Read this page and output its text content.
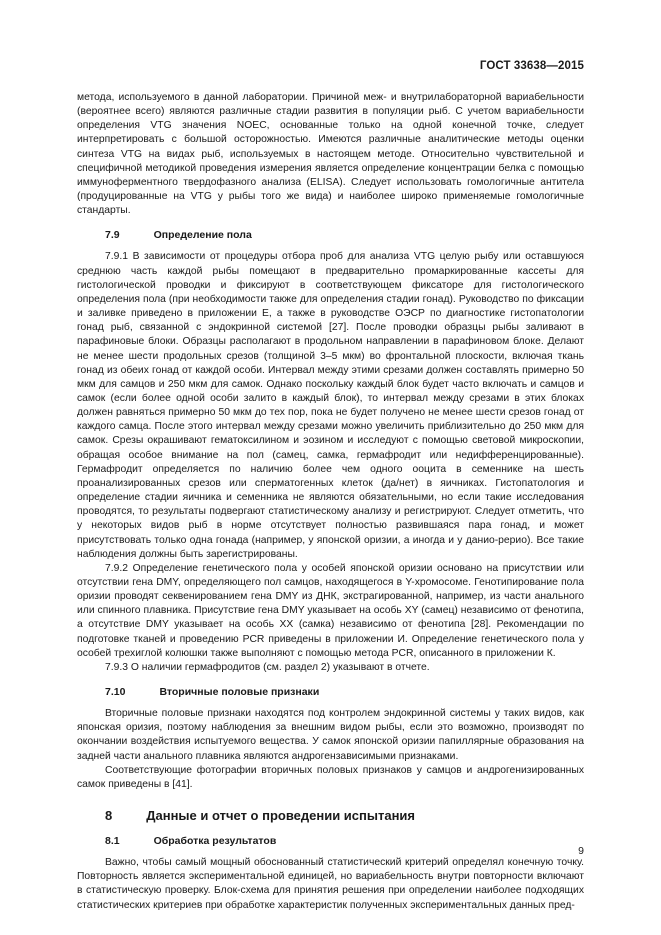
ГОСТ 33638—2015

метода, используемого в данной лаборатории. Причиной меж- и внутрилабораторной вариабельности (вероятнее всего) являются различные стадии развития в популяции рыб. С учетом вариабельности определения VTG значения NOEC, основанные только на одной конечной точке, следует интерпретировать с большой осторожностью. Имеются различные аналитические методы оценки синтеза VTG на видах рыб, используемых в настоящем методе. Относительно чувствительной и специфичной методикой проведения измерения является определение концентрации белка с помощью иммуноферментного твердофазного анализа (ELISA). Следует использовать гомологичные антитела (продуцированные на VTG у рыбы того же вида) и наиболее широко применяемые гомологичные стандарты.

7.9	Определение пола

7.9.1 В зависимости от процедуры отбора проб для анализа VTG целую рыбу или оставшуюся среднюю часть каждой рыбы помещают в предварительно промаркированные кассеты для гистологической проводки и фиксируют в соответствующем фиксаторе для гистологического определения пола (при необходимости также для определения стадии гонад). Руководство по фиксации и заливке приведено в приложении Е, а также в руководстве ОЭСР по диагностике гистопатологии гонад рыб, связанной с эндокринной системой [27]. После проводки образцы рыбы заливают в парафиновые блоки. Образцы располагают в продольном направлении в парафиновом блоке. Делают не менее шести продольных срезов (толщиной 3–5 мкм) во фронтальной плоскости, включая ткань гонад из обеих гонад от каждой особи. Интервал между этими срезами должен составлять примерно 50 мкм для самцов и 250 мкм для самок. Однако поскольку каждый блок будет часто включать и самцов и самок (если более одной особи залито в каждый блок), то интервал между срезами в этих блоках должен равняться примерно 50 мкм до тех пор, пока не будет получено не менее шести срезов гонад от каждого самца. После этого интервал между срезами можно увеличить приблизительно до 250 мкм для самок. Срезы окрашивают гематоксилином и эозином и исследуют с помощью световой микроскопии, обращая особое внимание на пол (самец, самка, гермафродит или недифференцированные). Гермафродит определяется по наличию более чем одного ооцита в семеннике на шесть проанализированных срезов или сперматогенных клеток (да/нет) в яичниках. Гистопатология и определение стадии яичника и семенника не являются обязательными, но если такие исследования проводятся, то результаты подвергают статистическому анализу и регистрируют. Следует отметить, что у некоторых видов рыб в норме отсутствует полностью развившаяся пара гонад, и может присутствовать только одна гонада (например, у японской оризии, а иногда и у данио-рерио). Все такие наблюдения должны быть зарегистрированы.

7.9.2 Определение генетического пола у особей японской оризии основано на присутствии или отсутствии гена DMY, определяющего пол самцов, находящегося в Y-хромосоме. Генотипирование пола оризии проводят секвенированием гена DMY из ДНК, экстрагированной, например, из части анального или спинного плавника. Присутствие гена DMY указывает на особь XY (самец) независимо от фенотипа, а отсутствие DMY указывает на особь XX (самка) независимо от фенотипа [28]. Рекомендации по подготовке тканей и проведению PCR приведены в приложении И. Определение генетического пола у особей трехиглой колюшки также выполняют с помощью метода PCR, описанного в приложении К.

7.9.3 О наличии гермафродитов (см. раздел 2) указывают в отчете.

7.10	Вторичные половые признаки

Вторичные половые признаки находятся под контролем эндокринной системы у таких видов, как японская оризия, поэтому наблюдения за внешним видом рыбы, если это возможно, производят по окончании воздействия испытуемого вещества. У самок японской оризии папиллярные образования на задней части анального плавника являются андрогензависимыми признаками.

Соответствующие фотографии вторичных половых признаков у самцов и андрогенизированных самок приведены в [41].

8	Данные и отчет о проведении испытания
8.1	Обработка результатов

Важно, чтобы самый мощный обоснованный статистический критерий определял конечную точку. Повторность является экспериментальной единицей, но вариабельность внутри повторности включают в статистическую проверку. Блок-схема для принятия решения при определении наиболее подходящих статистических критериев при обработке характеристик полученных экспериментальных данных пред-

9
